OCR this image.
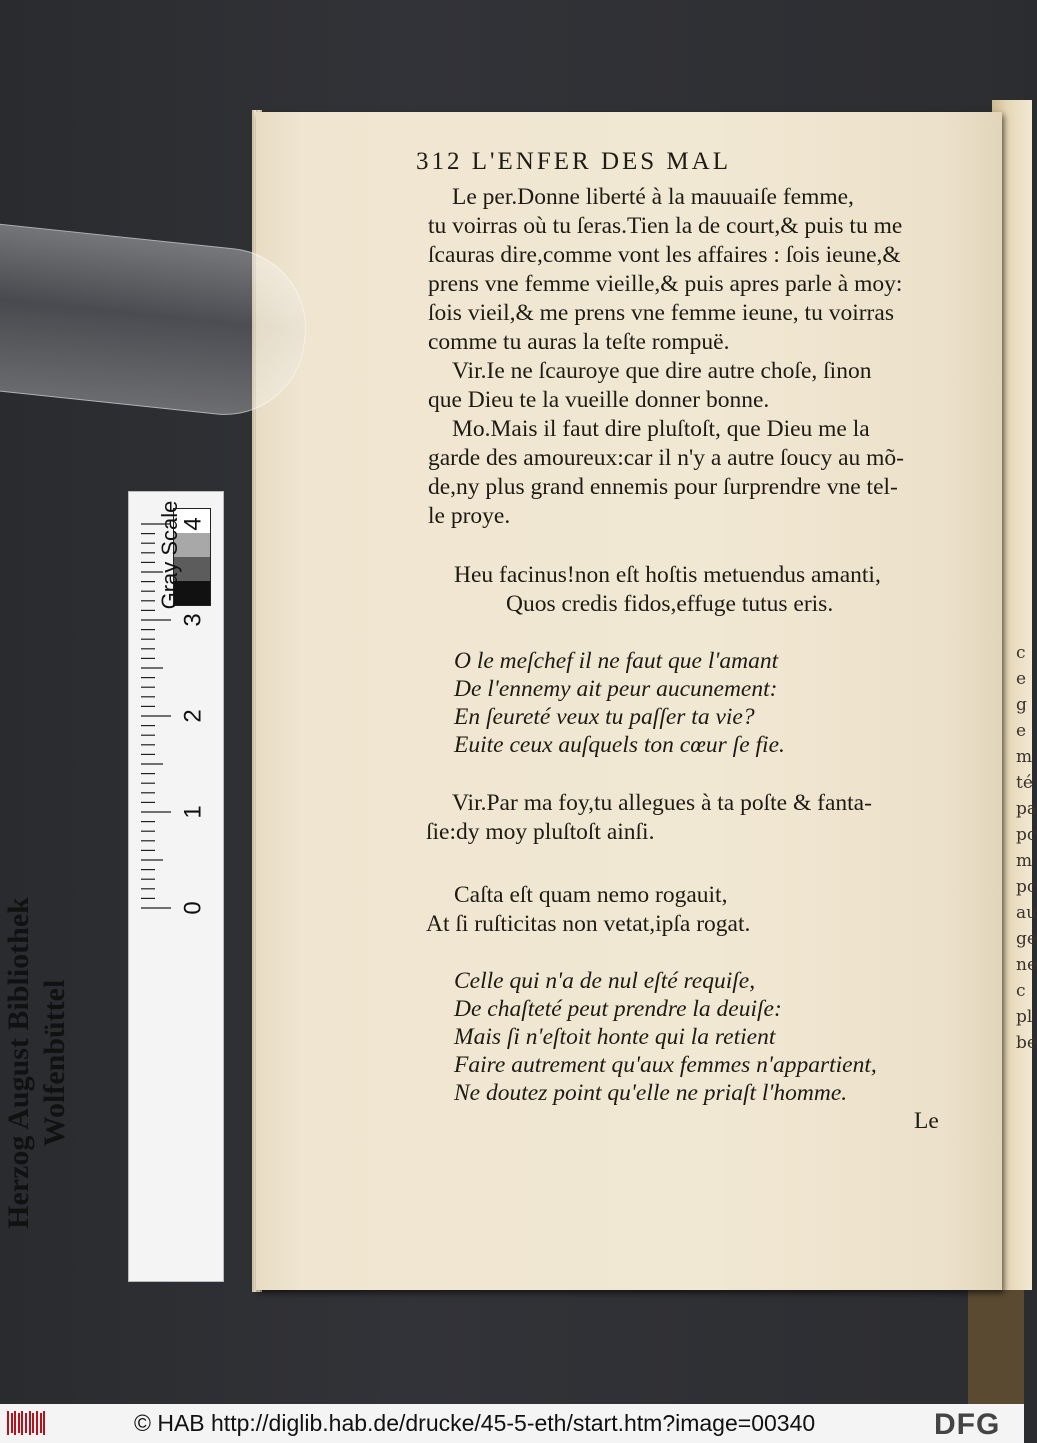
c
e
g
e
m
té
pa
pc
m
pc
au
ge
ne
c
pl
be
312 L'ENFER DES MAL
Le per.Donne liberté à la mauuaiſe femme,
tu voirras où tu ſeras.Tien la de court,& puis tu me
ſcauras dire,comme vont les affaires : ſois ieune,&
prens vne femme vieille,& puis apres parle à moy:
ſois vieil,& me prens vne femme ieune, tu voirras
comme tu auras la teſte rompuë.
Vir.Ie ne ſcauroye que dire autre choſe, ſinon
que Dieu te la vueille donner bonne.
Mo.Mais il faut dire pluſtoſt, que Dieu me la
garde des amoureux:car il n'y a autre ſoucy au mõ-
de,ny plus grand ennemis pour ſurprendre vne tel-
le proye.
Heu facinus!non eſt hoſtis metuendus amanti,
Quos credis fidos,effuge tutus eris.
O le meſchef il ne faut que l'amant
De l'ennemy ait peur aucunement:
En ſeureté veux tu paſſer ta vie?
Euite ceux auſquels ton cœur ſe fie.
Vir.Par ma foy,tu allegues à ta poſte & fanta-
ſie:dy moy pluſtoſt ainſi.
Caſta eſt quam nemo rogauit,
At ſi ruſticitas non vetat,ipſa rogat.
Celle qui n'a de nul eſté requiſe,
De chaſteté peut prendre la deuiſe:
Mais ſi n'eſtoit honte qui la retient
Faire autrement qu'aux femmes n'appartient,
Ne doutez point qu'elle ne priaſt l'homme.
Le
Gray Scale
0
1
2
3
4
Herzog August Bibliothek Wolfenbüttel
© HAB http://diglib.hab.de/drucke/45-5-eth/start.htm?image=00340	DFG
